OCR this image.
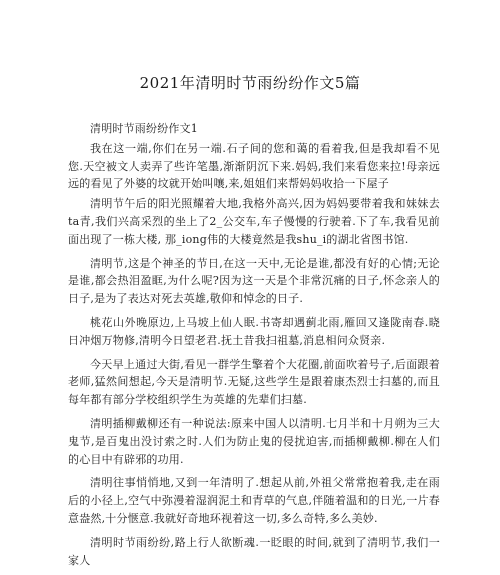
2021年清明时节雨纷纷作文5篇

清明时节雨纷纷作文1

我在这一端,你们在另一端.石子间的您和蔼的看着我,但是我却看不见您.天空被文人卖弄了些许笔墨,渐渐阴沉下来.妈妈,我们来看您来拉!母亲远远的看见了外婆的坟就开始叫嚷,来,姐姐们来帮妈妈收拾一下屋子

清明节午后的阳光照耀着大地,我格外高兴,因为妈妈要带着我和妹妹去ta青,我们兴高采烈的坐上了2_公交车,车子慢慢的行驶着.下了车,我看见前面出现了一栋大楼, 那_iong伟的大楼竟然是我shu_i的湖北省图书馆.

清明节,这是个神圣的节日,在这一天中,无论是谁,都没有好的心情;无论是谁,都会热泪盈眶,为什么呢?因为这一天是个非常沉痛的日子,怀念亲人的日子,是为了表达对死去英雄,敬仰和悼念的日子.

桃花山外晚原边,上马坡上仙人眠.书寄却遇蓟北雨,雁回又逢陇南春.晓日冲烟万物修,清明今日望老君.抚土昔我扫祖墓,消息相问众贤亲.

今天早上通过大街,看见一群学生擎着个大花圈,前面吹着号子,后面跟着老师,猛然间想起,今天是清明节.无疑,这些学生是跟着康杰烈士扫墓的,而且每年都有部分学校组织学生为英雄的先辈们扫墓.

清明插柳戴柳还有一种说法:原来中国人以清明.七月半和十月朔为三大鬼节,是百鬼出没讨索之时.人们为防止鬼的侵扰迫害,而插柳戴柳.柳在人们的心目中有辟邪的功用.

清明往事悄悄地,又到一年清明了.想起从前,外祖父常常抱着我,走在雨后的小径上,空气中弥漫着湿润泥土和青草的气息,伴随着温和的日光,一片春意盎然,十分惬意.我就好奇地环视着这一切,多么奇特,多么美妙.

清明时节雨纷纷,路上行人欲断魂.一眨眼的时间,就到了清明节,我们一家人
